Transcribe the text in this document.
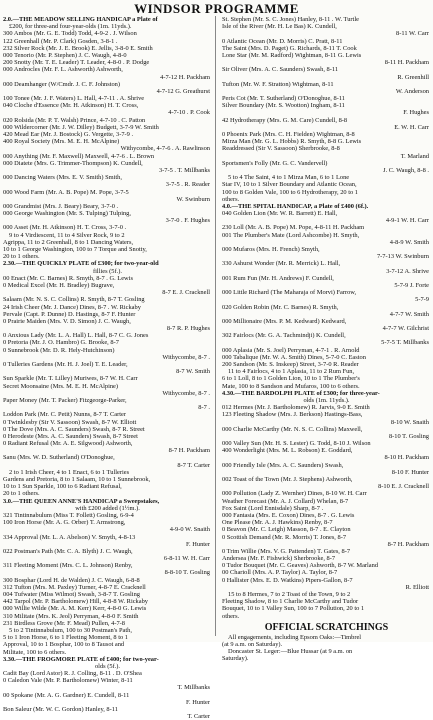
WINDSOR PROGRAMME
2.0.—THE MEADOW SELLING HANDICAP a Plate of
£200, for three-and four-year-olds (1m. 11yds.).
300 Ambos (Mr. G. E. Todd) Todd, 4-9-2 . J. Wilson
122 Greenhall (Mr. P. Clark) Gosden, 3-8-1 .
232 Silver Rock (Mr. J. E. Brook) E. Jellis, 3-8-0 E. Smith
000 Tenorio (Mr. P. Stephen) J. C. Waugh, 4-8-0
200 Snotty (Mr. T. E. Leader) T. Leader, 4-8-0 . P. Dodge
000 Androcles (Mr. F. L. Ashworth) Ashworth,
4-7-12 H. Packham
000 Deamhanger (W/Cmdr. J. C. F. Johnston)
4-7-12 G. Greathurst
100 Tonee (Mr. J. F. Waters) L. Hall, 4-7-11 . A. Shrive
040 Cloche d'Essence (Mr. H. Atkinson) H. T. Cross,
4-7-10 . P. Cook
020 Rolsida (Mr. P. T. Walsh) Prince, 4-7-10 . C. Patton
000 Wildercorner (Mr. J. W. Dilley) Budgett, 3-7-9 W. Smith
420 Mead Ear (Mr. J. Bostock) G. Vergette, 3-7-9 .
400 Royal Society (Mrs. M. E. H. McAlpine)
Withycombe, 4-7-6 . A. Rawlinson
000 Anything (Mr. F. Maxwell) Maxwell, 4-7-6 . L. Brown
000 Diatete (Mrs. G. Trimmer-Thompson) K. Cundell,
3-7-5 . T. Millbanks
000 Dancing Waters (Mrs. E. V. Smith) Smith,
3-7-5 . R. Reader
000 Wood Farm (Mr. A. B. Pope) M. Pope, 3-7-5
W. Swinburn
000 Grandmist (Mrs. J. Beary) Beary, 3-7-0 .
000 George Washington (Mr. S. Tulping) Tulping,
3-7-0 . F. Hughes
000 Asset (Mr. H. Atkinson) H. T. Cross, 3-7-0 .
9 to 4 Virdiescent, 11 to 4 Silver Rock, 9 to 2
Agrippa, 11 to 2 Greenhall, 8 to 1 Dancing Waters,
10 to 1 George Washington, 100 to 7 Torque and Snotty,
20 to 1 others.
2.30.—THE QUICKLY PLATE of £300; for two-year-old
fillies (5f.).
00 Enact (Mr. C. Barnes) R. Smyth, 8-7 . G. Lewis
0 Medical Excel (Mr. H. Bradley) Bugrave,
8-7 E. J. Cracknell
Salaam (Mr. N. S. C. Collins) R. Smyth, 8-7 T. Gosling
24 Irish Cheer (Mr. J. Dance) Dines, 8-7 . W. Rickaby
Pervale (Capt. P. Dunne) D. Hastings, 8-7 F. Hunter
0 Prairie Maiden (Mrs. V. D. Simon) J. C. Waugh,
8-7 R. P. Hughes
0 Anxious Lady (Mr. L. A. Hall) L. Hall, 8-7 C. G. Jones
0 Pretoria (Mr. J. O. Hambro) G. Brooke, 8-7
0 Sunnebrook (Mr. D. R. Hely-Hutchinson)
Withycombe, 8-7 .
0 Tulleries Gardens (Mr. H. J. Joel) T. E. Leader,
8-7 W. Smith
Sun Sparkle (Mr. T. Lilley) Muriwes, 8-7 W. H. Carr
Secret Moonsaine (Mrs. M. E. H. McAlpine)
Withycombe, 8-7 .
Paper Money (Mr. T. Packer) Fitzgeorge-Parker,
8-7 .
Loddon Park (Mr. C. Petit) Nunns, 8-7 T. Carter
0 Twinklesby (Sir V. Sassoon) Swash, 8-7 W. Elliott
0 The Dove (Mrs. A. C. Saunders) Swash, 8-7 R. Street
0 Herodeste (Mrs. A. C. Saunders) Swash, 8-7 Street
0 Radiant Refusal (Mr. A. E. Silgwood) Ashworth,
8-7 H. Packham
Sanu (Mrs. W. D. Sutherland) O'Donoghue,
8-7 T. Carter
2 to 1 Irish Cheer, 4 to 1 Enact, 6 to 1 Tulleries
Gardens and Pretoria, 8 to 1 Salaam, 10 to 1 Sunnebrook,
10 to 1 Sun Sparkle, 100 to 6 Radiant Refusal,
20 to 1 others.
3.0.—THE QUEEN ANNE'S HANDICAP a Sweepstakes,
with £200 added (1½m.).
321 Tintinnabulum (Miss T. Follett) Gosling, 6-9-4
100 Iron Horse (Mr. A. G. Orber) T. Armstrong,
4-9-0 W. Snaith
334 Approval (Mr. L. A. Abelson) V. Smyth, 4-8-13
F. Hunter
022 Postman's Path (Mr. C. A. Blyth) J. C. Waugh,
6-8-11 W. H. Carr
311 Fleeting Moment (Mrs. C. L. Johnson) Renby,
8-8-10 T. Gosling
300 Bosphar (Lord H. de Walden) J. C. Waugh, 6-8-8
312 Tufton (Mrs. M. Paxley) Turner, 4-8-7 E. Cracknell
004 Tufwater (Miss Wilmot) Swash, 3-8-7 T. Gosling
442 Tarpol (Mr. P. Bartholomew) Hill, 4-8-8 W. Rickaby
000 Willie Wilde (Mr. A. M. Kerr) Kerr, 4-8-0 G. Lewis
310 Militate (Mrs. K. Jeol) Perryman, 4-8-0 F. Smith
231 Birdless Grove (Mr. F. Mead) Pullen, 4-7-8
5 to 2 Tintinnabulum, 100 to 30 Postman's Path,
5 to 1 Iron Horse, 6 to 1 Fleeting Moment, 8 to 1
Approval, 10 to 1 Bosphar, 100 to 8 Tausot and
Militate, 100 to 6 others.
3.30.—THE FROGMORE PLATE of £400; for two-year-
olds (5f.).
Cadit Bay (Lord Astor) R. J. Colling, 8-11 . D. O'Shea
0 Caledon Vale (Mr. P. Bartholomew) Winter, 8-11
T. Millbanks
00 Spokane (Mr. A. G. Gardner) E. Cundell, 8-11
F. Hunter
Bon Saleur (Mr. W. C. Gordon) Hanley, 8-11
T. Carter
St. Stephen (Mr. S. C. Jones) Hanley, 8-11 . W. Turtle
Isle of the River (Mr. H. Le Bas) K. Cundell,
8-11 W. Carr
0 Atlantic Ocean (Mr. D. Morris) C. Pratt, 8-11
The Saint (Mrs. D. Paget) G. Richards, 8-11 T. Cook
Lone Star (Mr. M. Radford) Wightman, 8-11 G. Lewis
8-11 H. Packham
Sir Oliver (Mrs. A. C. Saunders) Swash, 8-11
R. Greenhill
Tufton (Mr. W. F. Stratton) Wightman, 8-11
W. Anderson
Peris Cot (Mr. T. Sutherland) O'Donoghue, 8-11
Silver Boundary (Mr. S. Wootton) Ingham, 8-11
F. Hughes
42 Hydrotherapy (Mrs. G. M. Care) Cundell, 8-8
E. W. H. Carr
0 Phoenix Park (Mrs. C. H. Fielden) Wightman, 8-8
Mirza Man (Mr. G. L. Hobbs) R. Smyth, 8-8 G. Lewis
Readdressed (Sir V. Sassoon) Sherbrooke, 8-8
T. Marland
Sportsmen's Folly (Mr. G. C. Vandervell)
J. C. Waugh, 8-8 .
5 to 4 The Saint, 4 to 1 Mirza Man, 6 to 1 Lone
Star IV, 10 to 1 Silver Boundary and Atlantic Ocean,
100 to 8 Golden Vale, 100 to 6 Hydrotherapy, 20 to 1
others.
4.0.—THE SPITAL HANDICAP, a Plate of £400 (6f.).
040 Golden Lion (Mr. W. R. Barrett) E. Hall,
4-9-1 W. H. Carr
230 Loll (Mr. A. B. Pope) M. Pope, 4-8-11 H. Packham
001 The Plumber's Mate (Lord Ashcombe) H. Smyth,
4-8-9 W. Smith
000 Mufaros (Mrs. H. French) Smyth,
7-7-13 W. Swinburn
330 Ashurst Wonder (Mr. R. Merrick) L. Hall,
3-7-12 A. Shrive
001 Rum Fun (Mr. H. Andrews) F. Cundell,
5-7-9 J. Forte
000 Little Richard (The Maharaja of Morvi) Farrow,
5-7-9
020 Golden Robin (Mr. C. Barnes) R. Smyth,
4-7-7 W. Smith
000 Millionaire (Mrs. P. M. Kedward) Kedward,
4-7-7 W. Gilchrist
302 Fairlocs (Mr. G. A. Tachmindji) K. Cundell,
5-7-5 T. Millbanks
000 Aplasia (Mr. S. Joel) Perryman, 4-7-1 . R. Arnold
000 Tabalique (Mr. W. A. Smith) Dines, 5-7-0 C. Easton
200 Sandson (Mr. S. Inskeep) Street, 3-7-0 R. Reader
11 to 4 Fairlocs, 4 to 1 Aplasia, 11 to 2 Rum Fun,
6 to 1 Loll, 8 to 1 Golden Lion, 10 to 1 The Plumber's
Mate, 100 to 8 Sandson and Mufaros, 100 to 6 others.
4.30.—THE BARDOLPH PLATE of £300; for three-year-
olds (1m. 11yds.).
012 Hermes (Mr. J. Bartholomew) R. Jarvis, 9-0 E. Smith
123 Fleeting Shadow (Mrs. J. Berkson) Hastings-Bass,
8-10 W. Snaith
000 Charlie McCarthy (Mr. N. S. C. Collins) Maxwell,
8-10 T. Gosling
000 Valley Sun (Mr. H. S. Lester) G. Todd, 8-10 J. Wilson
400 Wonderlight (Mrs. M. L. Robson) E. Goddard,
8-10 H. Packham
000 Friendly Isle (Mrs. A. C. Saunders) Swash,
8-10 F. Hunter
002 Toast of the Town (Mr. J. Stephens) Ashworth,
8-10 E. J. Cracknell
000 Pollution (Lady Z. Wernher) Dines, 8-10 W. H. Carr
Weather Forecast (Mr. A. J. Collard) Whelan, 8-7
Fox Saint (Lord Ennisdale) Sharp, 8-7 .
000 Fantasia (Mrs. E. Coxon) Dines, 8-7 . G. Lewis
One Please (Mr. A. J. Hawkins) Renby, 8-7
0 Beavon (Mr. C. Leigh) Masson, 8-7 . E. Clayton
0 Scottish Demand (Mr. R. Morris) T. Jones, 8-7
8-7 H. Packham
0 Trim Willie (Mrs. V. G. Pattenden) T. Gates, 8-7
Andersea (Mr. F. Fishwick) Sherbrooke, 8-7
0 Tudor Bouquet (Mr. C. Geaves) Ashworth, 8-7 W. Marland
00 Charioll (Mrs. A. P. Taylor) A. Taylor, 8-7
0 Hallister (Mrs. E. D. Watkins) Pipers-Gallon, 8-7
R. Elliott
15 to 8 Hermes, 7 to 2 Toast of the Town, 9 to 2
Fleeting Shadow, 8 to 1 Charlie McCarthy and Tudor
Bouquet, 10 to 1 Valley Sun, 100 to 7 Pollution, 20 to 1
others.
OFFICIAL SCRATCHINGS
All engagements, including Epsom Oaks:—Timbrel
(at 9 a.m. on Saturday).
Doncaster St. Leger:—Blue Hussar (at 9 a.m. on
Saturday).
